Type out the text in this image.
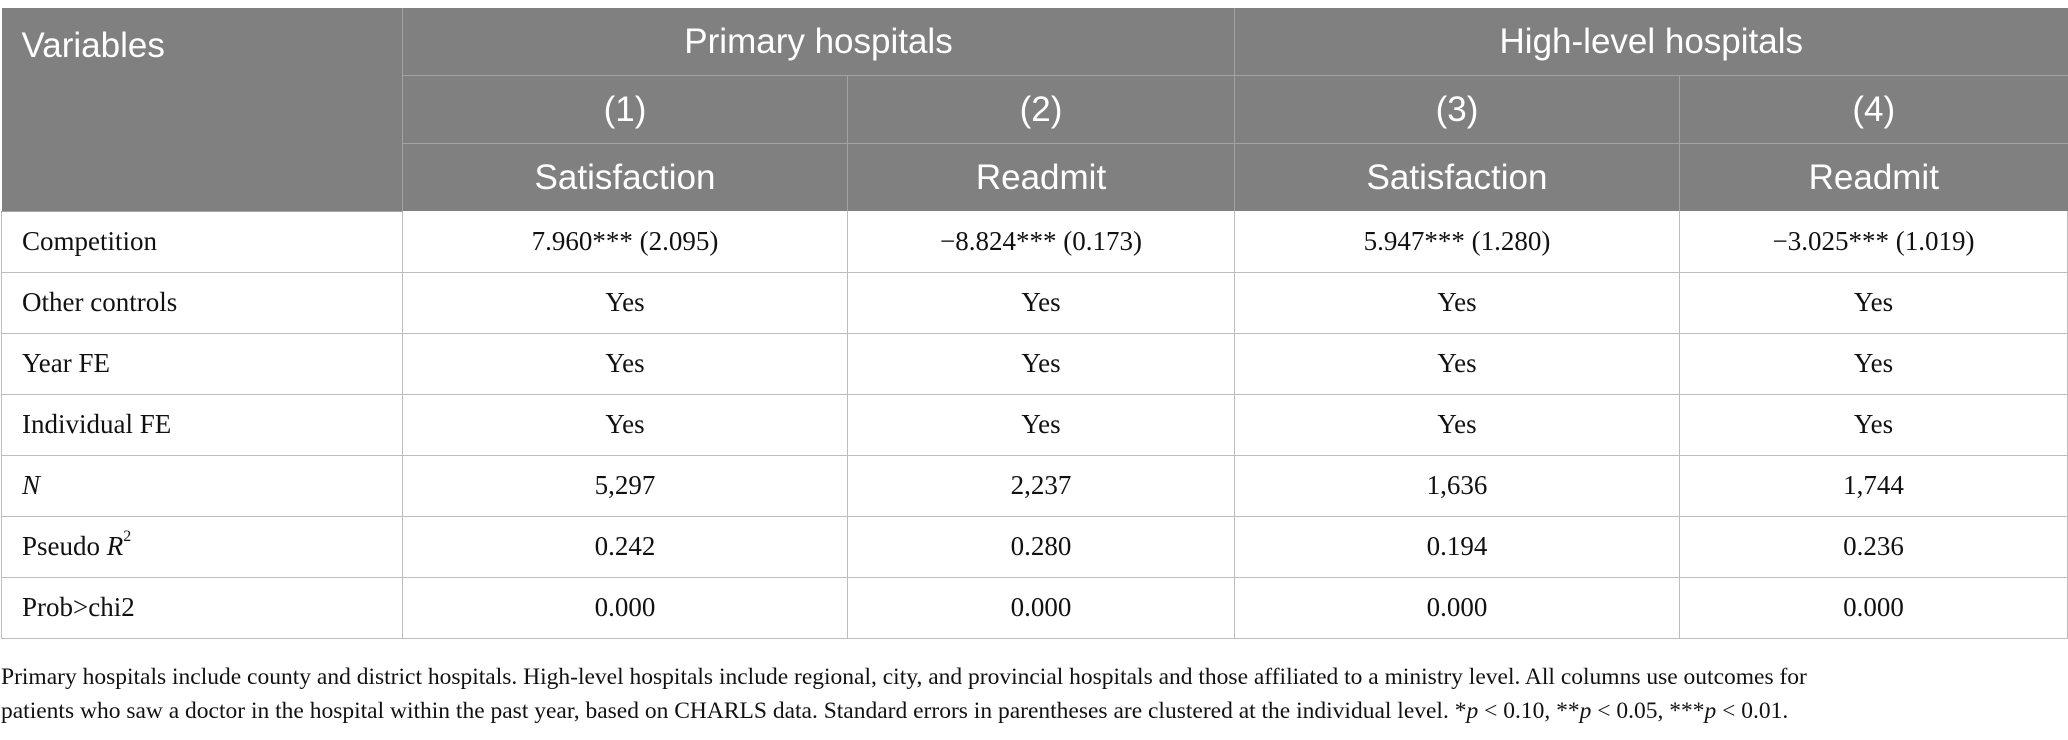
Variables	Primary hospitals		High-level hospitals	
	(1)	(2)	(3)	(4)
	Satisfaction	Readmit	Satisfaction	Readmit
Competition	7.960*** (2.095)	−8.824*** (0.173)	5.947*** (1.280)	−3.025*** (1.019)
Other controls	Yes	Yes	Yes	Yes
Year FE	Yes	Yes	Yes	Yes
Individual FE	Yes	Yes	Yes	Yes
N	5,297	2,237	1,636	1,744
Pseudo $R^2$	0.242	0.280	0.194	0.236
Prob>chi2	0.000	0.000	0.000	0.000
Primary hospitals include county and district hospitals. High-level hospitals include regional, city, and provincial hospitals and those affiliated to a ministry level. All columns use outcomes for
patients who saw a doctor in the hospital within the past year, based on CHARLS data. Standard errors in parentheses are clustered at the individual level. *p < 0.10, **p < 0.05, ***p < 0.01.
